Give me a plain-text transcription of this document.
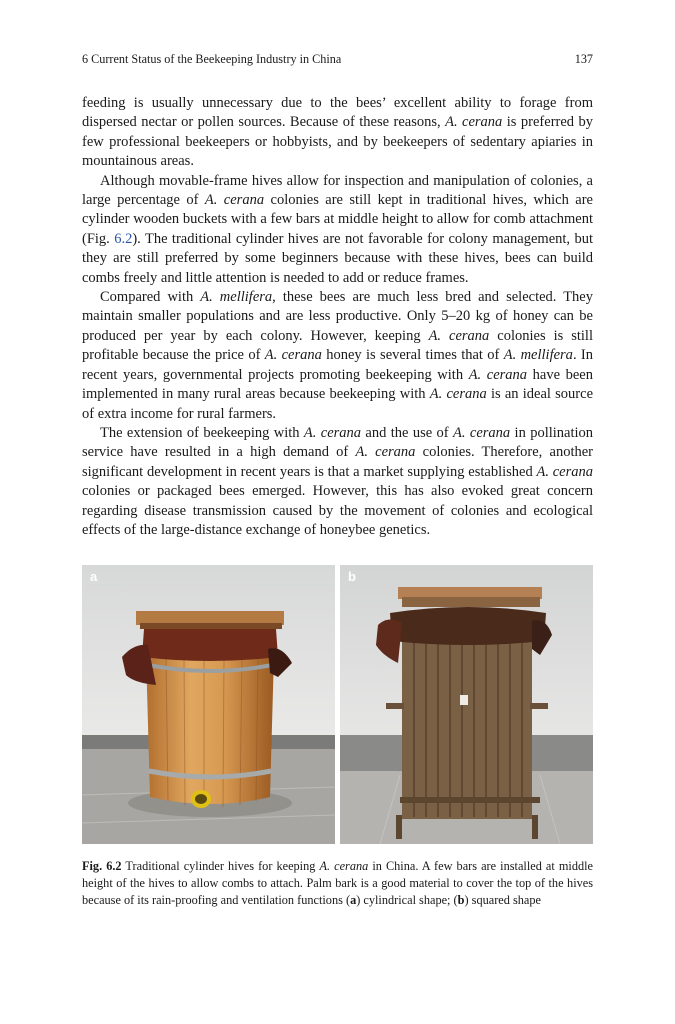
6 Current Status of the Beekeeping Industry in China	137

feeding is usually unnecessary due to the bees’ excellent ability to forage from dispersed nectar or pollen sources. Because of these reasons, A. cerana is preferred by few professional beekeepers or hobbyists, and by beekeepers of sedentary apiaries in mountainous areas.

Although movable-frame hives allow for inspection and manipulation of colonies, a large percentage of A. cerana colonies are still kept in traditional hives, which are cylinder wooden buckets with a few bars at middle height to allow for comb attachment (Fig. 6.2). The traditional cylinder hives are not favorable for colony management, but they are still preferred by some beginners because with these hives, bees can build combs freely and little attention is needed to add or reduce frames.

Compared with A. mellifera, these bees are much less bred and selected. They maintain smaller populations and are less productive. Only 5–20 kg of honey can be produced per year by each colony. However, keeping A. cerana colonies is still profitable because the price of A. cerana honey is several times that of A. mellifera. In recent years, governmental projects promoting beekeeping with A. cerana have been implemented in many rural areas because beekeeping with A. cerana is an ideal source of extra income for rural farmers.

The extension of beekeeping with A. cerana and the use of A. cerana in pollination service have resulted in a high demand of A. cerana colonies. Therefore, another significant development in recent years is that a market supplying established A. cerana colonies or packaged bees emerged. However, this has also evoked great concern regarding disease transmission caused by the movement of colonies and ecological effects of the large-distance exchange of honeybee genetics.

a	b
Fig. 6.2 Traditional cylinder hives for keeping A. cerana in China. A few bars are installed at middle height of the hives to allow combs to attach. Palm bark is a good material to cover the top of the hives because of its rain-proofing and ventilation functions (a) cylindrical shape; (b) squared shape
